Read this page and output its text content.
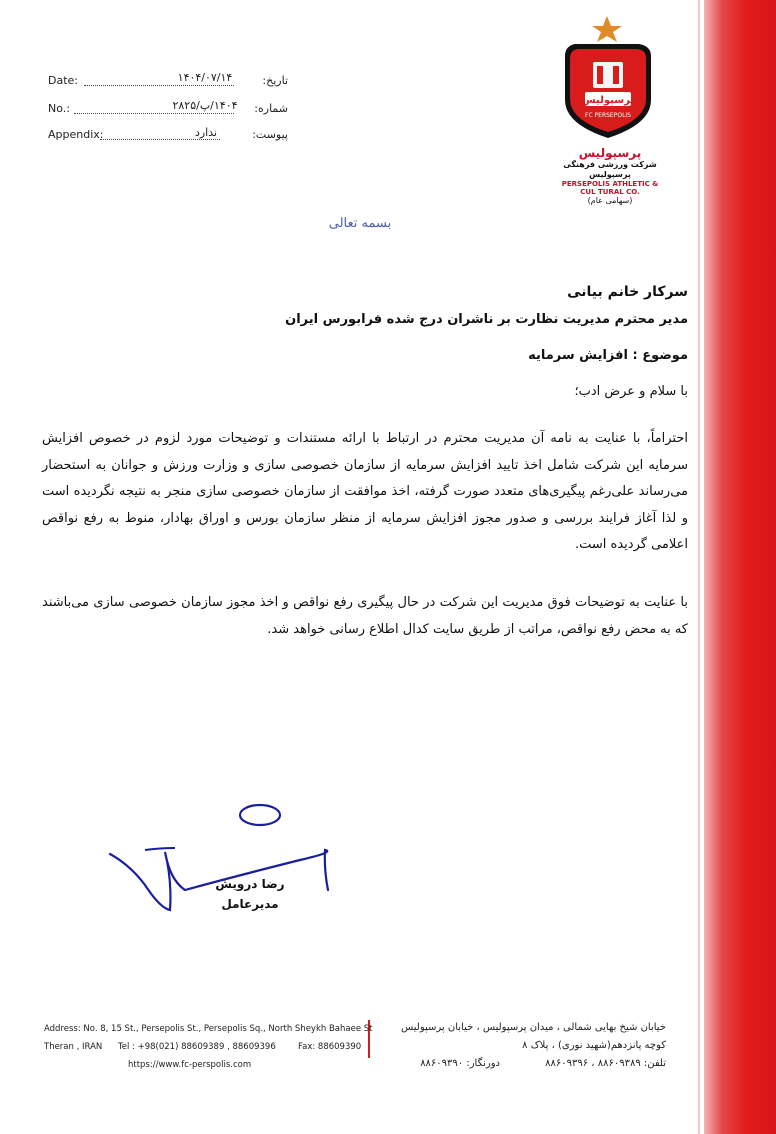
Date:	۱۴۰۴/۰۷/۱۴	تاریخ:
No.:	۱۴۰۴/پ/۲۸۲۵	شماره:
Appendix:	ندارد	پیوست:
پرسپولیس
FC PERSEPOLIS
پرسپولیس
شرکت ورزشی فرهنگی پرسپولیس
PERSEPOLIS ATHLETIC & CUL TURAL CO.
(سهامی عام)
بسمه تعالی
سرکار خانم بیانی
مدیر محترم مدیریت نظارت بر ناشران درج شده فرابورس ایران
موضوع : افزایش سرمایه
با سلام و عرض ادب؛
احتراماً، با عنایت به نامه آن مدیریت محترم در ارتباط با ارائه مستندات و توضیحات مورد لزوم در خصوص افزایش سرمایه این شرکت شامل اخذ تایید افزایش سرمایه از سازمان خصوصی سازی و وزارت ورزش و جوانان به استحضار می‌رساند علی‌رغم پیگیری‌های متعدد صورت گرفته، اخذ موافقت از سازمان خصوصی سازی منجر به نتیجه نگردیده است و لذا آغاز فرایند بررسی و صدور مجوز افزایش سرمایه از منظر سازمان بورس و اوراق بهادار، منوط به رفع نواقص اعلامی گردیده است.
با عنایت به توضیحات فوق مدیریت این شرکت در حال پیگیری رفع نواقص و اخذ مجوز سازمان خصوصی سازی می‌باشند که به محض رفع نواقص، مراتب از طریق سایت کدال اطلاع رسانی خواهد شد.
رضا درویش
مدیرعامل
Address: No. 8, 15 St., Persepolis St., Persepolis Sq., North Sheykh Bahaee St
Theran , IRAN Tel : +98(021) 88609389 , 88609396	Fax: 88609390
https://www.fc-perspolis.com
خیابان شیخ بهایی شمالی ، میدان پرسپولیس ، خیابان پرسپولیس
کوچه پانزدهم(شهید نوری) ، پلاک ۸
تلفن: ۸۸۶۰۹۳۸۹ ، ۸۸۶۰۹۳۹۶
دورنگار: ۸۸۶۰۹۳۹۰
